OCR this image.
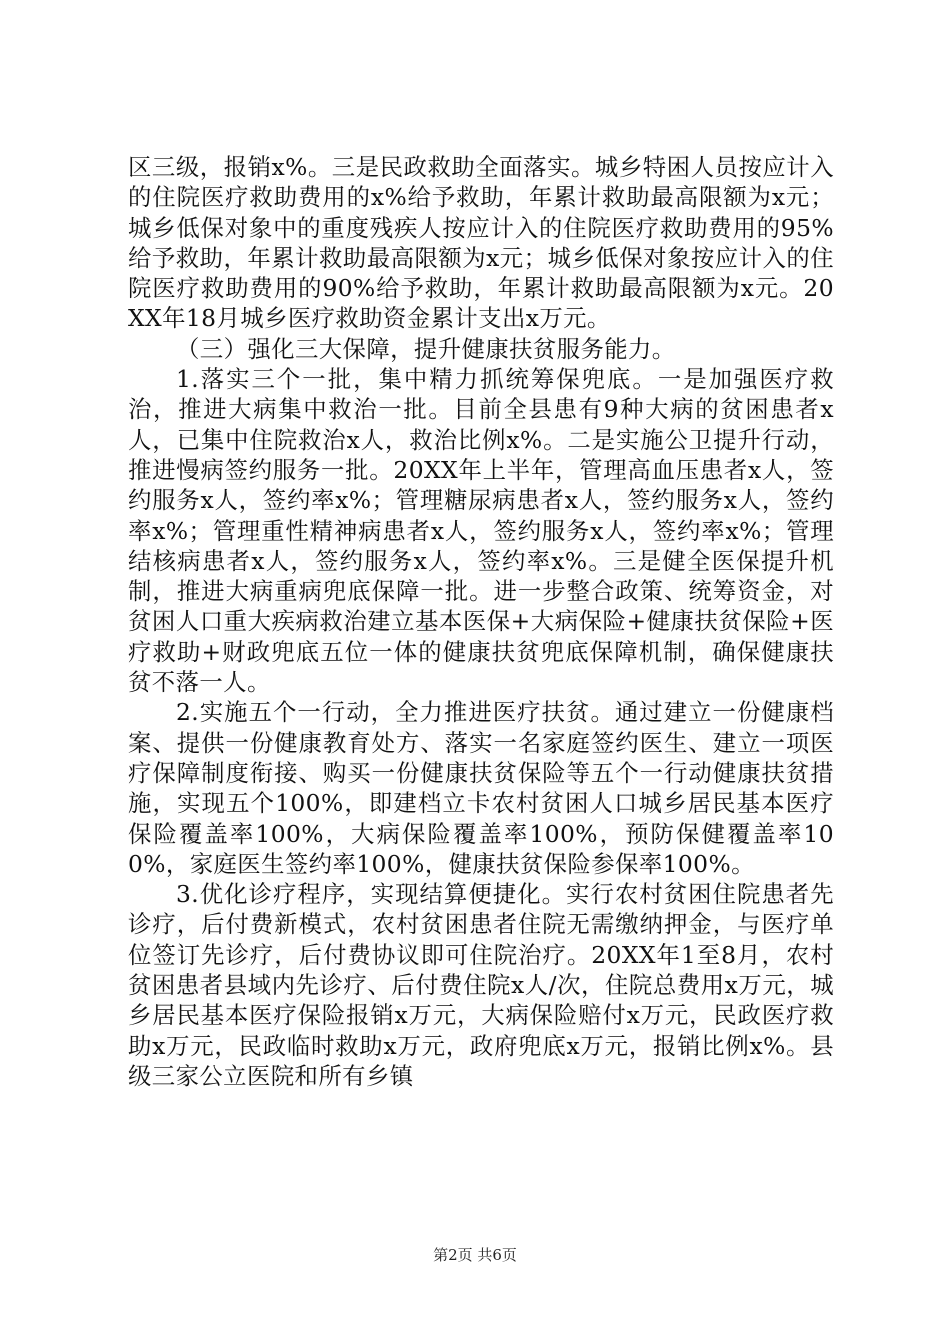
区三级，报销x%。三是民政救助全面落实。城乡特困人员按应计入的住院医疗救助费用的x%给予救助，年累计救助最高限额为x元；城乡低保对象中的重度残疾人按应计入的住院医疗救助费用的95%给予救助，年累计救助最高限额为x元；城乡低保对象按应计入的住院医疗救助费用的90%给予救助，年累计救助最高限额为x元。20XX年18月城乡医疗救助资金累计支出x万元。

（三）强化三大保障，提升健康扶贫服务能力。

1.落实三个一批，集中精力抓统筹保兜底。一是加强医疗救治，推进大病集中救治一批。目前全县患有9种大病的贫困患者x人，已集中住院救治x人，救治比例x%。二是实施公卫提升行动，推进慢病签约服务一批。20XX年上半年，管理高血压患者x人，签约服务x人，签约率x%；管理糖尿病患者x人，签约服务x人，签约率x%；管理重性精神病患者x人，签约服务x人，签约率x%；管理结核病患者x人，签约服务x人，签约率x%。三是健全医保提升机制，推进大病重病兜底保障一批。进一步整合政策、统筹资金，对贫困人口重大疾病救治建立基本医保+大病保险+健康扶贫保险+医疗救助+财政兜底五位一体的健康扶贫兜底保障机制，确保健康扶贫不落一人。

2.实施五个一行动，全力推进医疗扶贫。通过建立一份健康档案、提供一份健康教育处方、落实一名家庭签约医生、建立一项医疗保障制度衔接、购买一份健康扶贫保险等五个一行动健康扶贫措施，实现五个100%，即建档立卡农村贫困人口城乡居民基本医疗保险覆盖率100%，大病保险覆盖率100%，预防保健覆盖率100%，家庭医生签约率100%，健康扶贫保险参保率100%。

3.优化诊疗程序，实现结算便捷化。实行农村贫困住院患者先诊疗，后付费新模式，农村贫困患者住院无需缴纳押金，与医疗单位签订先诊疗，后付费协议即可住院治疗。20XX年1至8月，农村贫困患者县域内先诊疗、后付费住院x人/次，住院总费用x万元，城乡居民基本医疗保险报销x万元，大病保险赔付x万元，民政医疗救助x万元，民政临时救助x万元，政府兜底x万元，报销比例x%。县级三家公立医院和所有乡镇

第2页 共6页
